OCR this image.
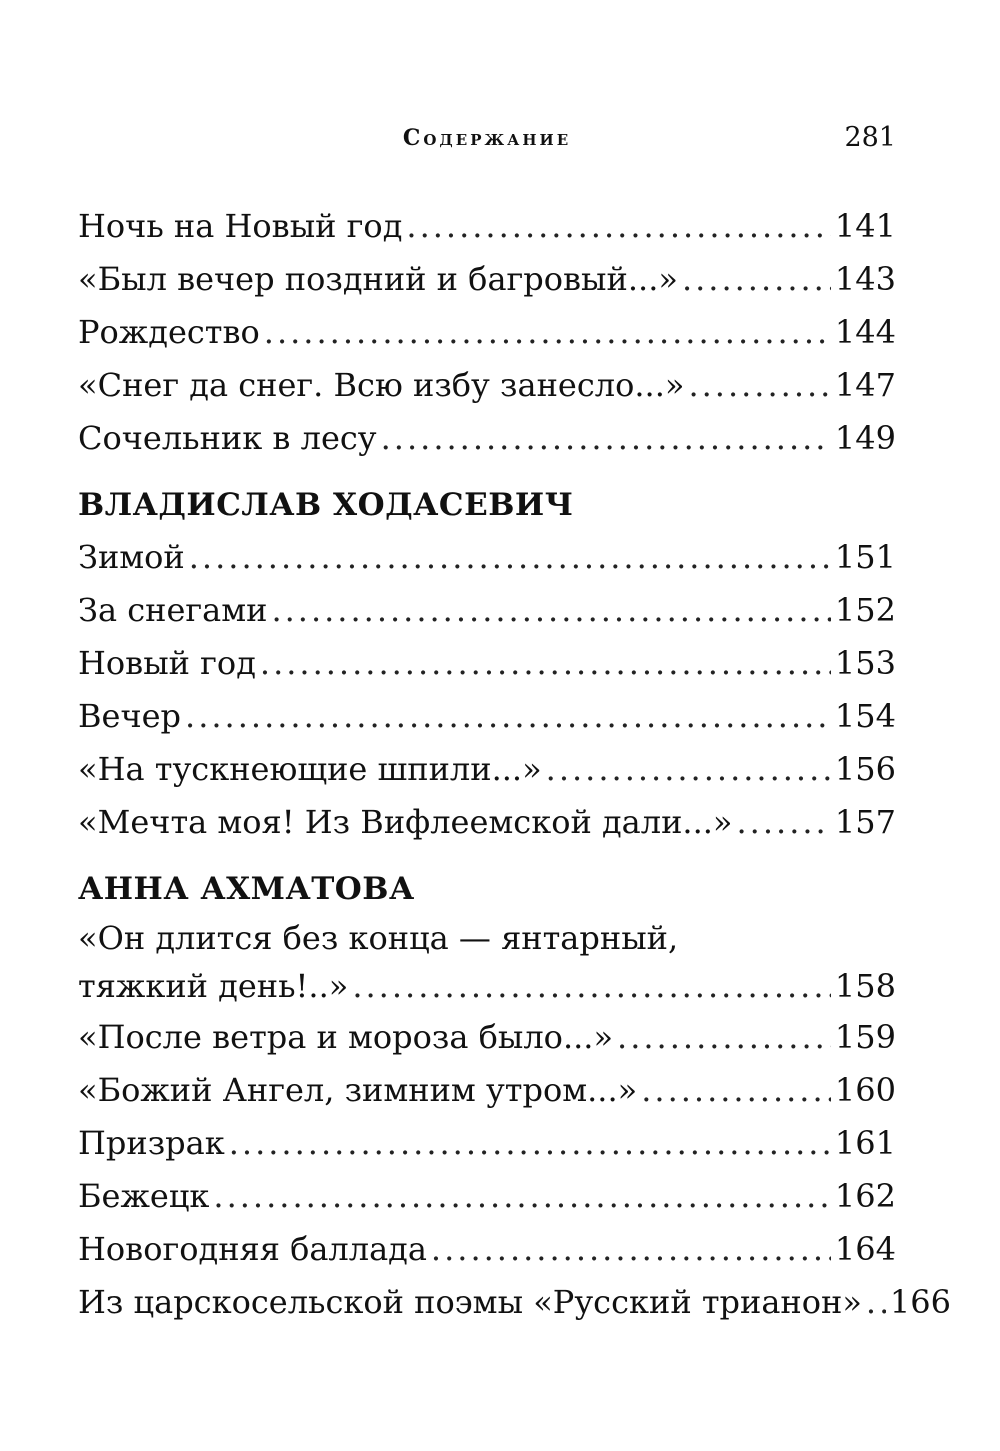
Содержание	281
Ночь на Новый год .....	141
«Был вечер поздний и багровый...» .....	143
Рождество .....	144
«Снег да снег. Всю избу занесло...» .....	147
Сочельник в лесу .....	149
ВЛАДИСЛАВ ХОДАСЕВИЧ
Зимой .....	151
За снегами .....	152
Новый год .....	153
Вечер .....	154
«На тускнеющие шпили...» .....	156
«Мечта моя! Из Вифлеемской дали...» .....	157
АННА АХМАТОВА
«Он длится без конца — янтарный,
тяжкий день!..» .....	158
«После ветра и мороза было...» .....	159
«Божий Ангел, зимним утром...» .....	160
Призрак .....	161
Бежецк .....	162
Новогодняя баллада .....	164
Из царскосельской поэмы «Русский трианон» ..... 166
